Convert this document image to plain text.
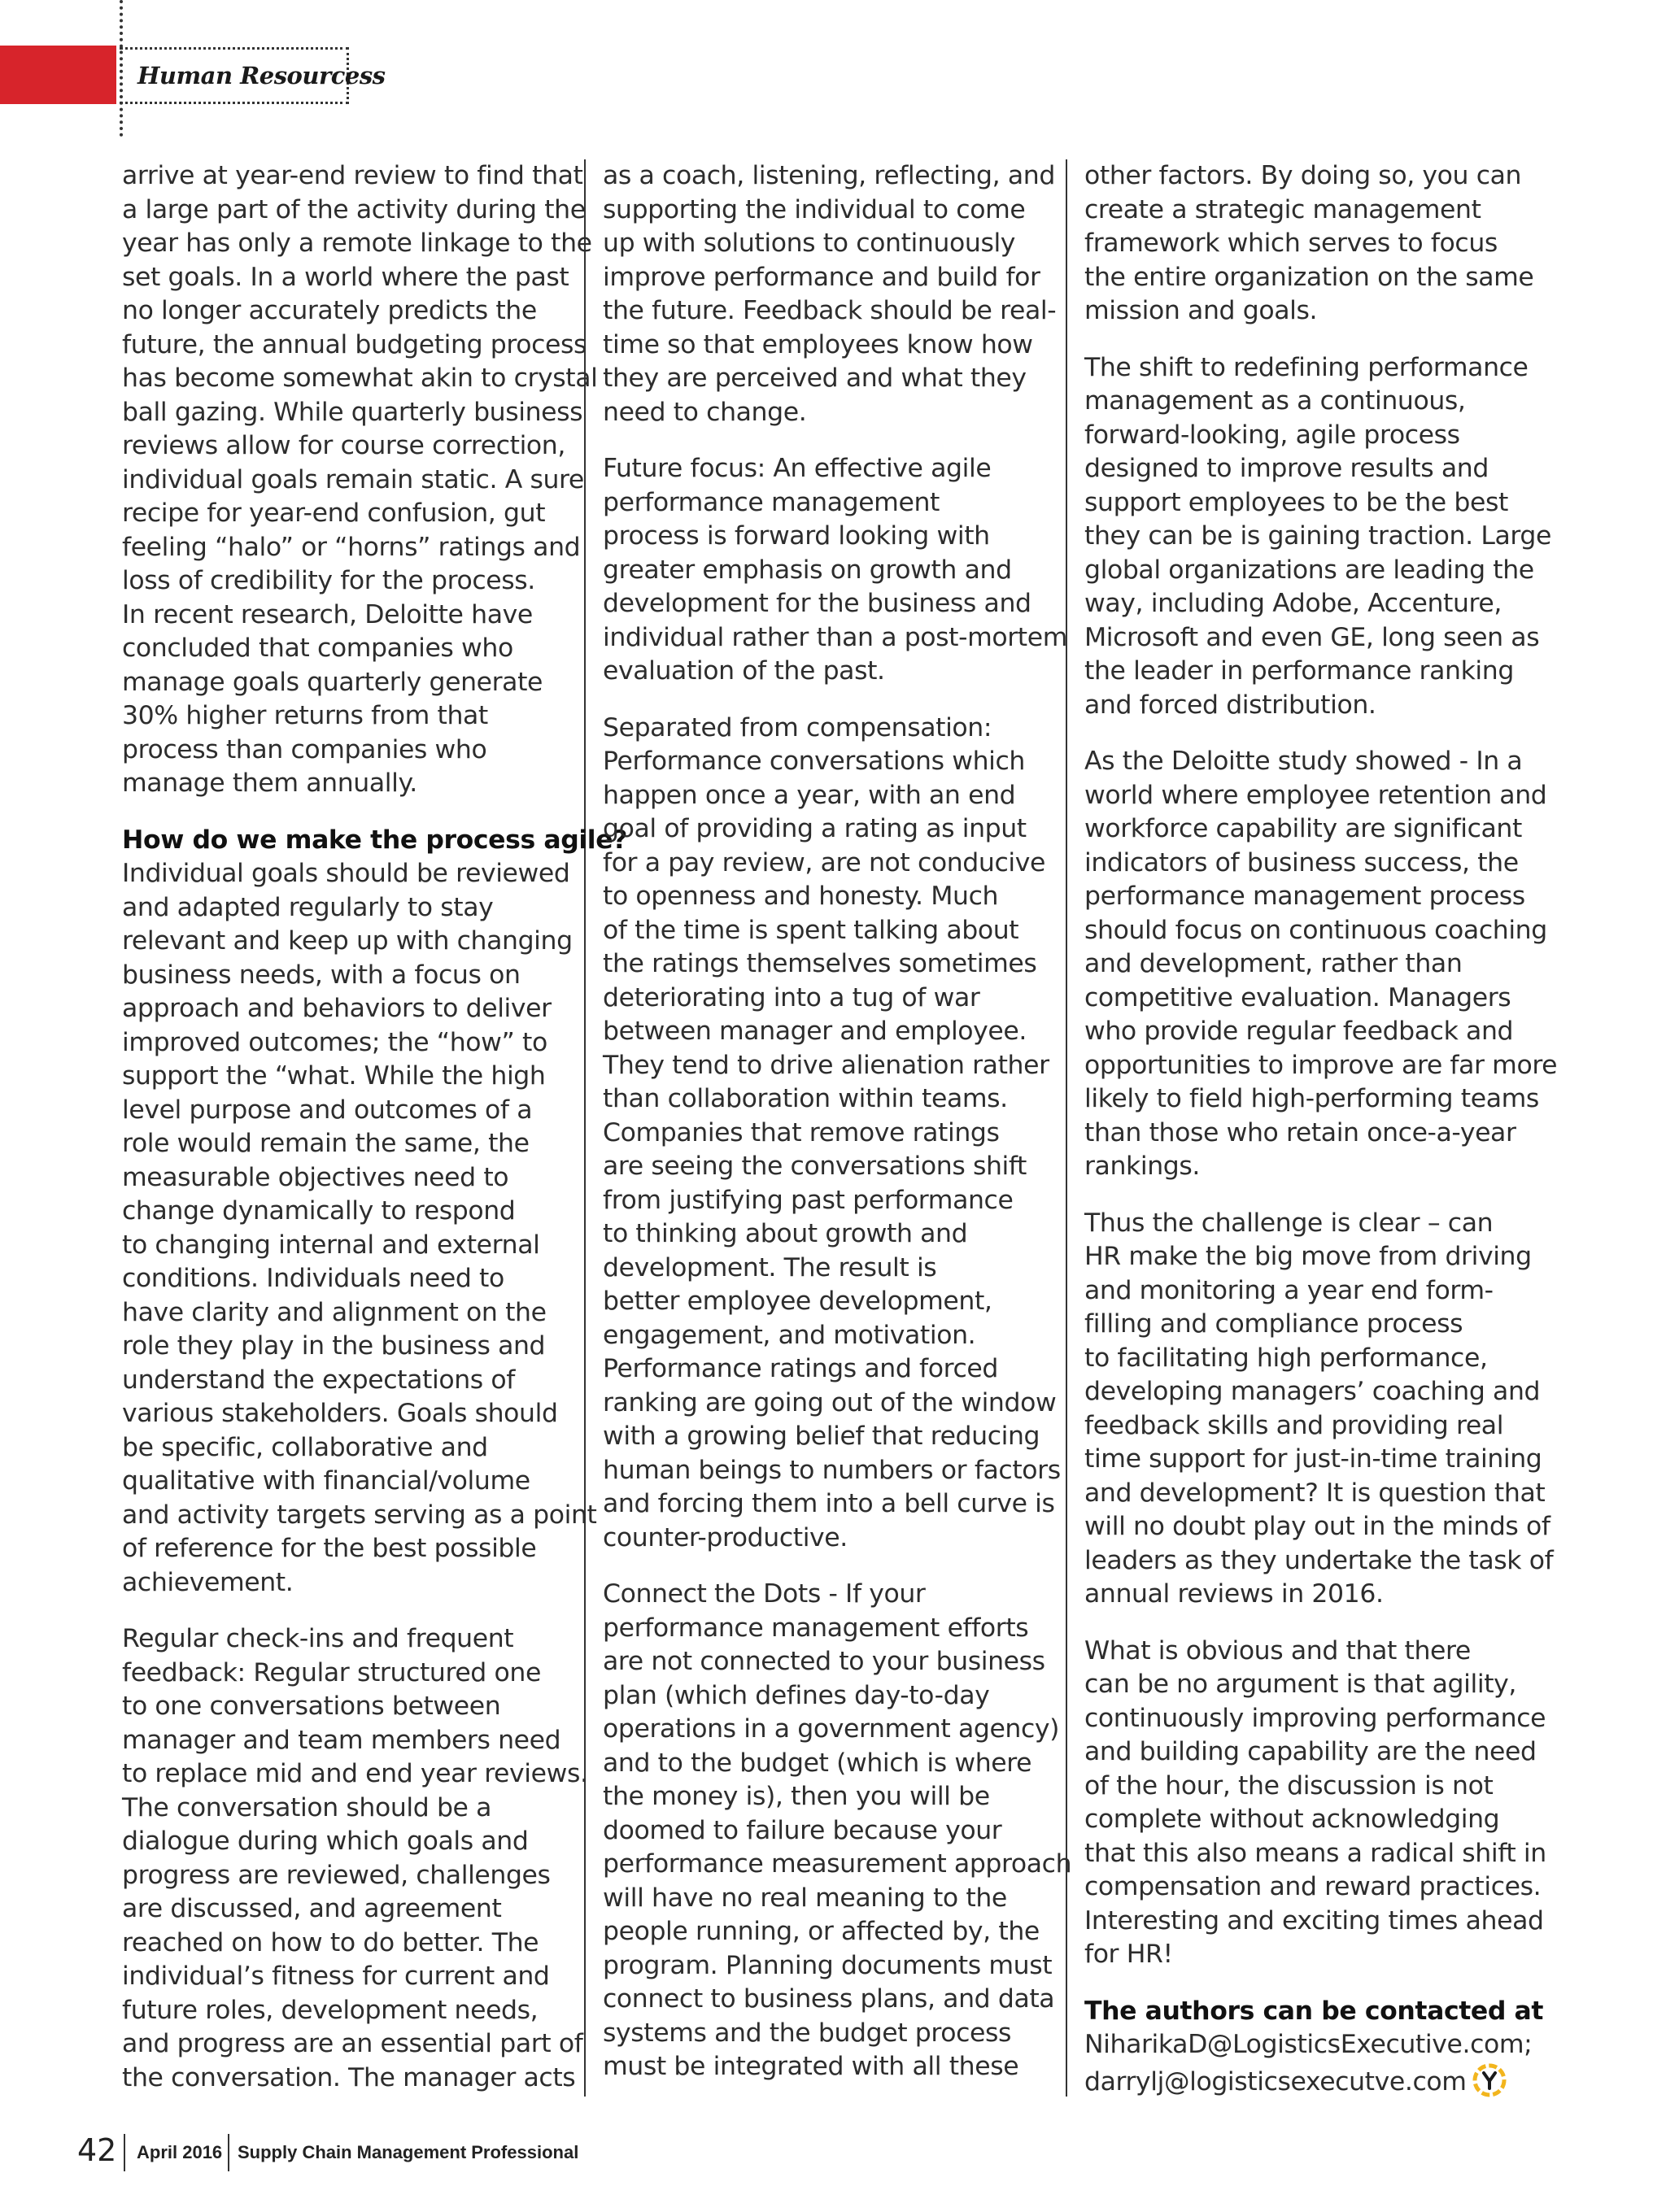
Human Resourcess

arrive at year-end review to find that
a large part of the activity during the
year has only a remote linkage to the
set goals. In a world where the past
no longer accurately predicts the
future, the annual budgeting process
has become somewhat akin to crystal
ball gazing. While quarterly business
reviews allow for course correction,
individual goals remain static. A sure
recipe for year-end confusion, gut
feeling “halo” or “horns” ratings and
loss of credibility for the process.
In recent research, Deloitte have
concluded that companies who
manage goals quarterly generate
30% higher returns from that
process than companies who
manage them annually.

How do we make the process agile?
Individual goals should be reviewed
and adapted regularly to stay
relevant and keep up with changing
business needs, with a focus on
approach and behaviors to deliver
improved outcomes; the “how” to
support the “what. While the high
level purpose and outcomes of a
role would remain the same, the
measurable objectives need to
change dynamically to respond
to changing internal and external
conditions. Individuals need to
have clarity and alignment on the
role they play in the business and
understand the expectations of
various stakeholders. Goals should
be specific, collaborative and
qualitative with financial/volume
and activity targets serving as a point
of reference for the best possible
achievement.

Regular check-ins and frequent
feedback: Regular structured one
to one conversations between
manager and team members need
to replace mid and end year reviews.
The conversation should be a
dialogue during which goals and
progress are reviewed, challenges
are discussed, and agreement
reached on how to do better. The
individual’s fitness for current and
future roles, development needs,
and progress are an essential part of
the conversation. The manager acts

as a coach, listening, reflecting, and
supporting the individual to come
up with solutions to continuously
improve performance and build for
the future. Feedback should be real-
time so that employees know how
they are perceived and what they
need to change.

Future focus: An effective agile
performance management
process is forward looking with
greater emphasis on growth and
development for the business and
individual rather than a post-mortem
evaluation of the past.

Separated from compensation:
Performance conversations which
happen once a year, with an end
goal of providing a rating as input
for a pay review, are not conducive
to openness and honesty. Much
of the time is spent talking about
the ratings themselves sometimes
deteriorating into a tug of war
between manager and employee.
They tend to drive alienation rather
than collaboration within teams.
Companies that remove ratings
are seeing the conversations shift
from justifying past performance
to thinking about growth and
development. The result is
better employee development,
engagement, and motivation.
Performance ratings and forced
ranking are going out of the window
with a growing belief that reducing
human beings to numbers or factors
and forcing them into a bell curve is
counter-productive.

Connect the Dots - If your
performance management efforts
are not connected to your business
plan (which defines day-to-day
operations in a government agency)
and to the budget (which is where
the money is), then you will be
doomed to failure because your
performance measurement approach
will have no real meaning to the
people running, or affected by, the
program. Planning documents must
connect to business plans, and data
systems and the budget process
must be integrated with all these

other factors. By doing so, you can
create a strategic management
framework which serves to focus
the entire organization on the same
mission and goals.

The shift to redefining performance
management as a continuous,
forward-looking, agile process
designed to improve results and
support employees to be the best
they can be is gaining traction. Large
global organizations are leading the
way, including Adobe, Accenture,
Microsoft and even GE, long seen as
the leader in performance ranking
and forced distribution.

As the Deloitte study showed - In a
world where employee retention and
workforce capability are significant
indicators of business success, the
performance management process
should focus on continuous coaching
and development, rather than
competitive evaluation. Managers
who provide regular feedback and
opportunities to improve are far more
likely to field high-performing teams
than those who retain once-a-year
rankings.

Thus the challenge is clear – can
HR make the big move from driving
and monitoring a year end form-
filling and compliance process
to facilitating high performance,
developing managers’ coaching and
feedback skills and providing real
time support for just-in-time training
and development? It is question that
will no doubt play out in the minds of
leaders as they undertake the task of
annual reviews in 2016.

What is obvious and that there
can be no argument is that agility,
continuously improving performance
and building capability are the need
of the hour, the discussion is not
complete without acknowledging
that this also means a radical shift in
compensation and reward practices.
Interesting and exciting times ahead
for HR!

The authors can be contacted at
NiharikaD@LogisticsExecutive.com;
darrylj@logisticsexecutve.com

42 April 2016 Supply Chain Management Professional
